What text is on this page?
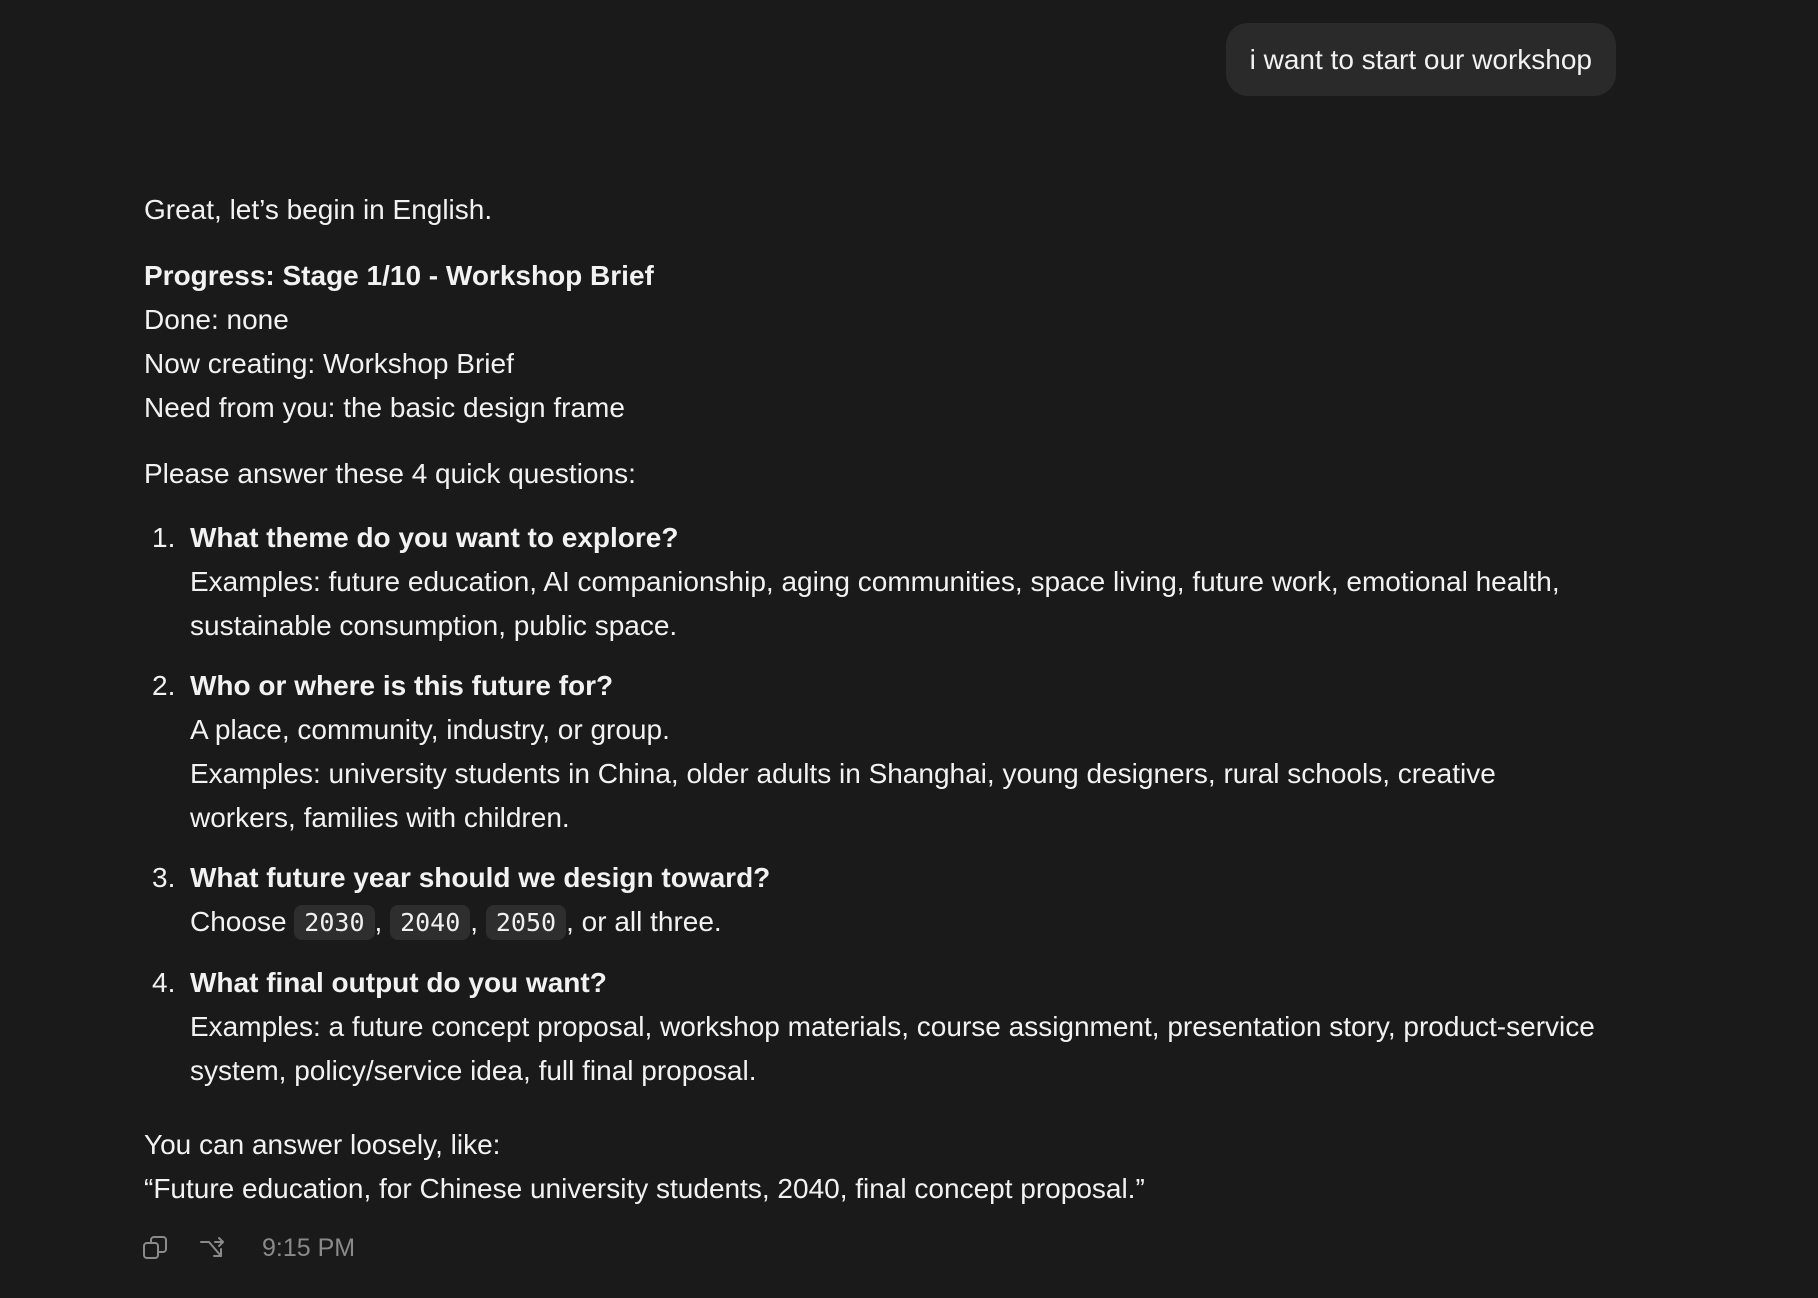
i want to start our workshop

Great, let’s begin in English.

Progress: Stage 1/10 - Workshop Brief

Done: none

Now creating: Workshop Brief

Need from you: the basic design frame

Please answer these 4 quick questions:

1. What theme do you want to explore?
Examples: future education, AI companionship, aging communities, space living, future work, emotional health, sustainable consumption, public space.
2. Who or where is this future for?
A place, community, industry, or group.
Examples: university students in China, older adults in Shanghai, young designers, rural schools, creative workers, families with children.
3. What future year should we design toward?
Choose 2030 , 2040 , 2050 , or all three.
4. What final output do you want?
Examples: a future concept proposal, workshop materials, course assignment, presentation story, product-service system, policy/service idea, full final proposal.

You can answer loosely, like:

“Future education, for Chinese university students, 2040, final concept proposal.”

9:15 PM
